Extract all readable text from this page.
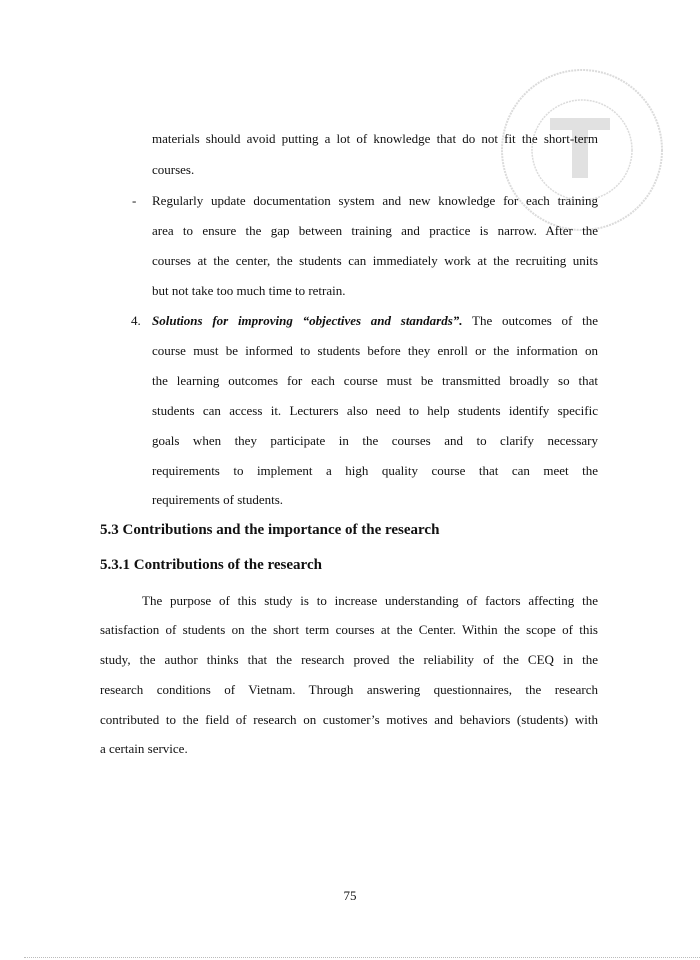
materials should avoid putting a lot of knowledge that do not fit the short-term
courses.
- Regularly update documentation system and new knowledge for each training
area to ensure the gap between training and practice is narrow. After the
courses at the center, the students can immediately work at the recruiting units
but not take too much time to retrain.
4. Solutions for improving “objectives and standards”. The outcomes of the
course must be informed to students before they enroll or the information on
the learning outcomes for each course must be transmitted broadly so that
students can access it. Lecturers also need to help students identify specific
goals when they participate in the courses and to clarify necessary
requirements to implement a high quality course that can meet the
requirements of students.
5.3 Contributions and the importance of the research
5.3.1 Contributions of the research
The purpose of this study is to increase understanding of factors affecting the
satisfaction of students on the short term courses at the Center. Within the scope of this
study, the author thinks that the research proved the reliability of the CEQ in the
research conditions of Vietnam. Through answering questionnaires, the research
contributed to the field of research on customer’s motives and behaviors (students) with
a certain service.
75
